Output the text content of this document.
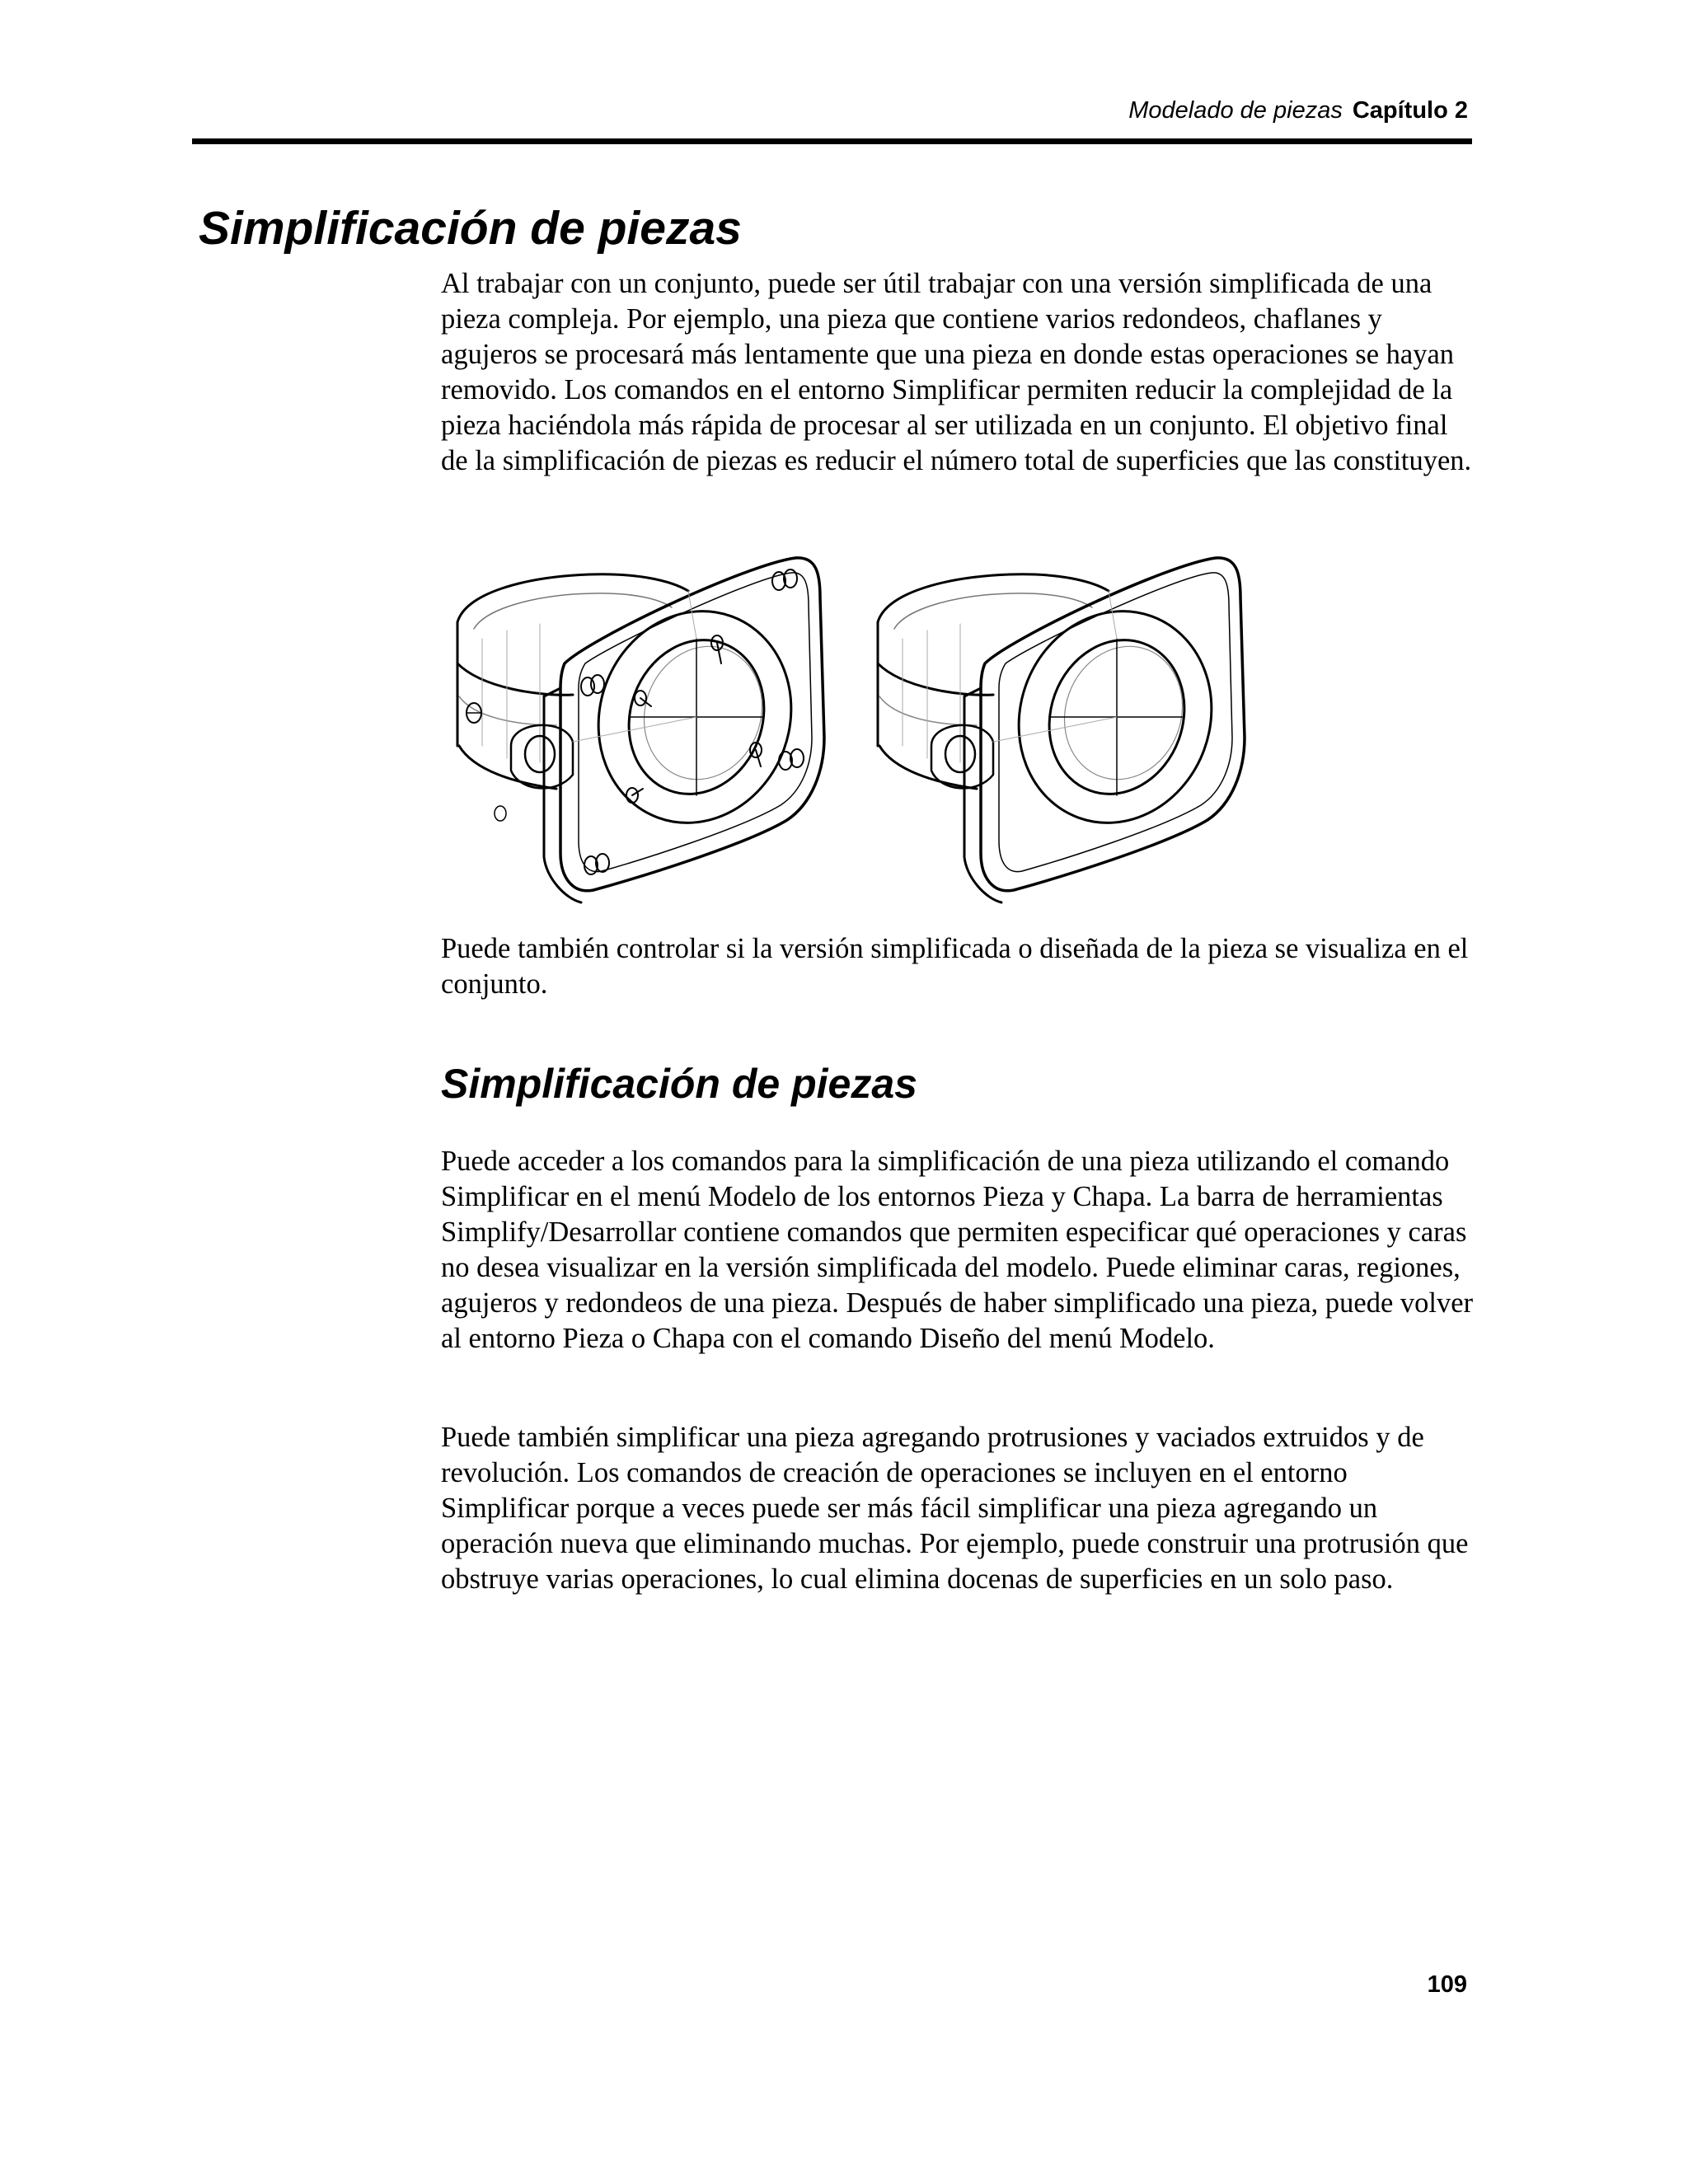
Modelado de piezas Capítulo 2
Simplificación de piezas

Al trabajar con un conjunto, puede ser útil trabajar con una versión simplificada de una pieza compleja. Por ejemplo, una pieza que contiene varios redondeos, chaflanes y agujeros se procesará más lentamente que una pieza en donde estas operaciones se hayan removido. Los comandos en el entorno Simplificar permiten reducir la complejidad de la pieza haciéndola más rápida de procesar al ser utilizada en un conjunto. El objetivo final de la simplificación de piezas es reducir el número total de superficies que las constituyen.

Puede también controlar si la versión simplificada o diseñada de la pieza se visualiza en el conjunto.

Simplificación de piezas

Puede acceder a los comandos para la simplificación de una pieza utilizando el comando Simplificar en el menú Modelo de los entornos Pieza y Chapa. La barra de herramientas Simplify/Desarrollar contiene comandos que permiten especificar qué operaciones y caras no desea visualizar en la versión simplificada del modelo. Puede eliminar caras, regiones, agujeros y redondeos de una pieza. Después de haber simplificado una pieza, puede volver al entorno Pieza o Chapa con el comando Diseño del menú Modelo.

Puede también simplificar una pieza agregando protrusiones y vaciados extruidos y de revolución. Los comandos de creación de operaciones se incluyen en el entorno Simplificar porque a veces puede ser más fácil simplificar una pieza agregando un operación nueva que eliminando muchas. Por ejemplo, puede construir una protrusión que obstruye varias operaciones, lo cual elimina docenas de superficies en un solo paso.

109
